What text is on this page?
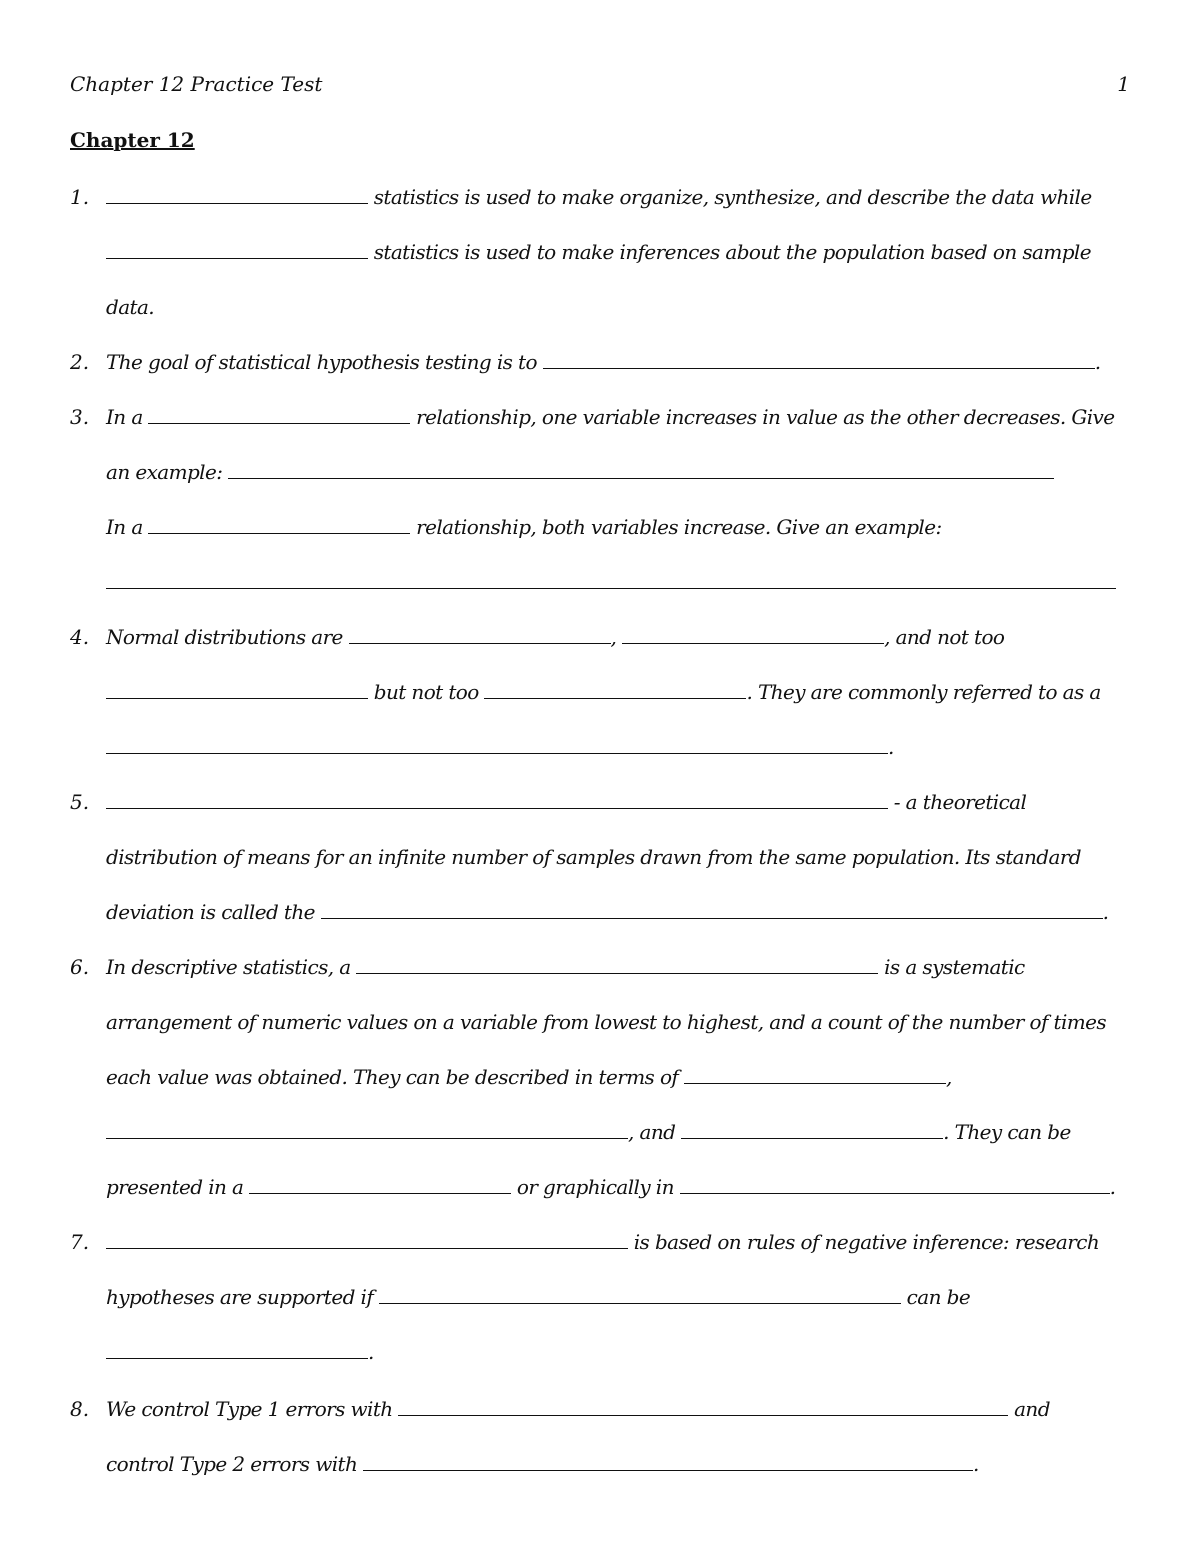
Chapter 12 Practice Test	1
Chapter 12
1.	statistics is used to make organize, synthesize, and describe the data while
statistics is used to make inferences about the population based on sample
data.
2. The goal of statistical hypothesis testing is to	.
3. In a	relationship, one variable increases in value as the other decreases. Give
an example:
In a	relationship, both variables increase. Give an example:
4. Normal distributions are	,	, and not too
but not too	. They are commonly referred to as a
.
5.	- a theoretical
distribution of means for an infinite number of samples drawn from the same population. Its standard
deviation is called the	.
6. In descriptive statistics, a	is a systematic
arrangement of numeric values on a variable from lowest to highest, and a count of the number of times
each value was obtained. They can be described in terms of	,
, and	. They can be
presented in a	or graphically in	.
7.	is based on rules of negative inference: research
hypotheses are supported if	can be
.
8. We control Type 1 errors with	and
control Type 2 errors with	.
